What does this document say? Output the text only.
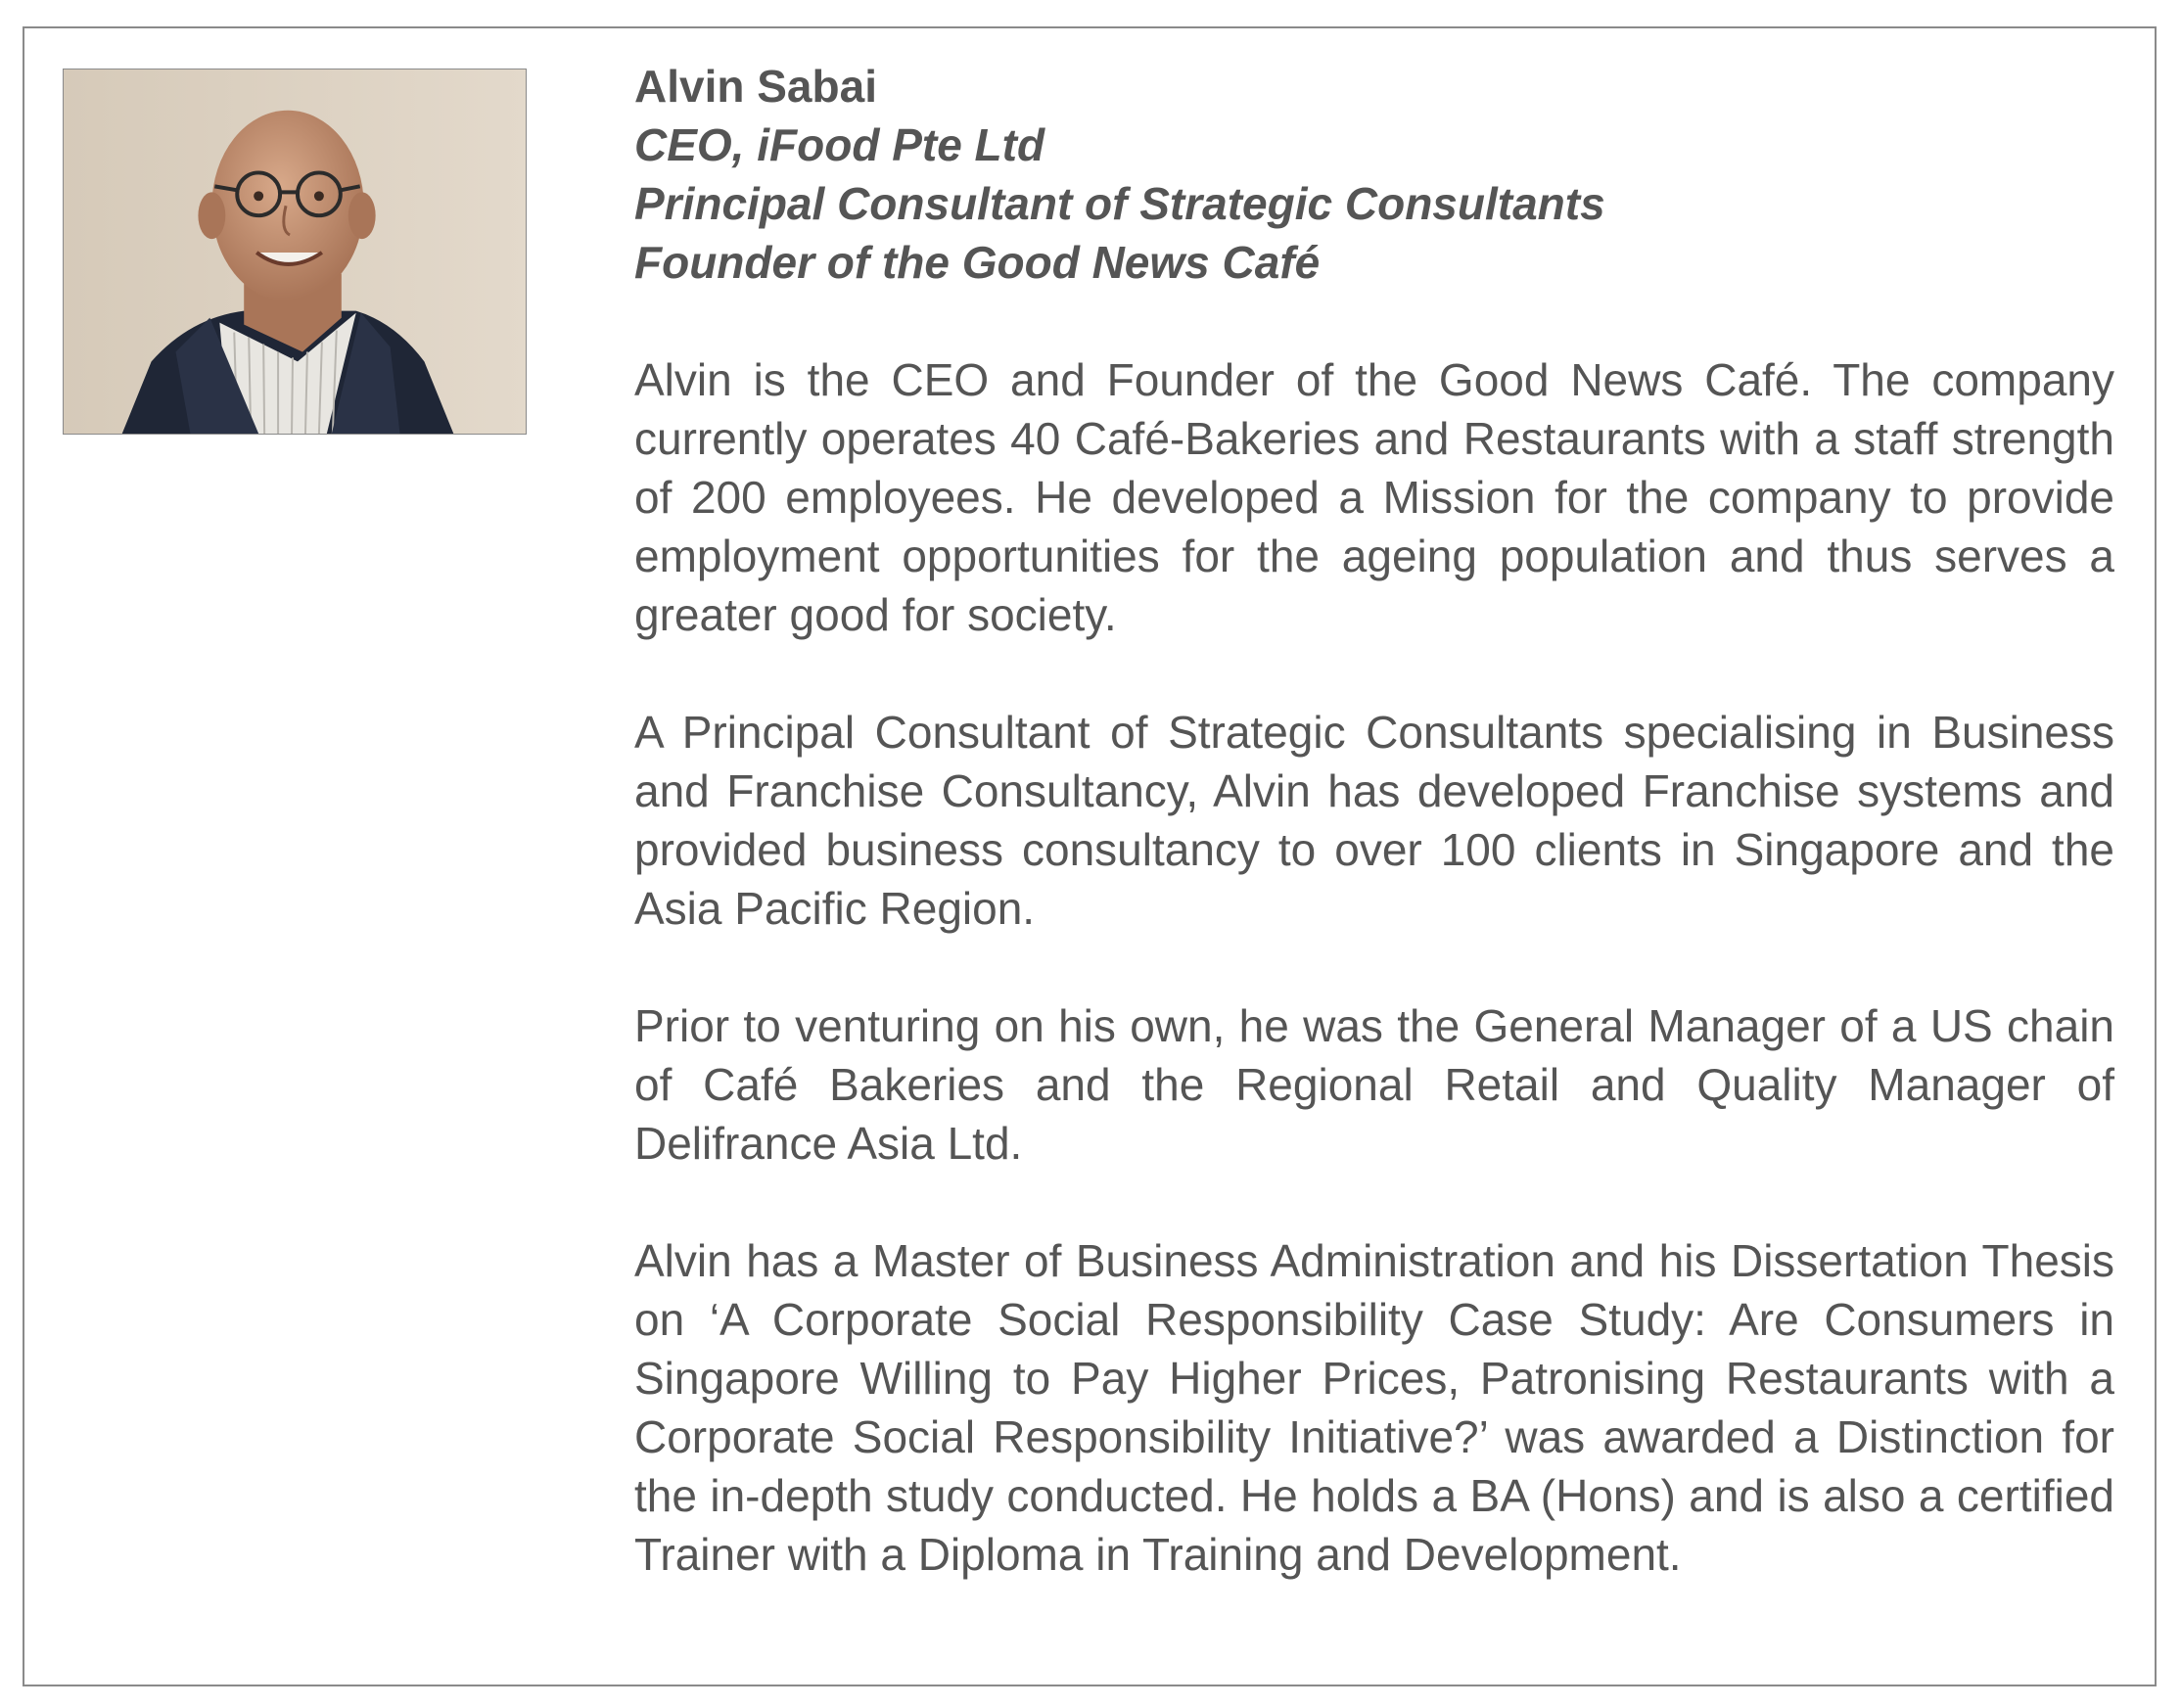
Alvin Sabai

CEO, iFood Pte Ltd

Principal Consultant of Strategic Consultants

Founder of the Good News Café

Alvin is the CEO and Founder of the Good News Café. The company currently operates 40 Café-Bakeries and Restaurants with a staff strength of 200 employees. He developed a Mission for the company to provide employment opportunities for the ageing population and thus serves a greater good for society.

A Principal Consultant of Strategic Consultants specialising in Business and Franchise Consultancy, Alvin has developed Franchise systems and provided business consultancy to over 100 clients in Singapore and the Asia Pacific Region.

Prior to venturing on his own, he was the General Manager of a US chain of Café Bakeries and the Regional Retail and Quality Manager of Delifrance Asia Ltd.

Alvin has a Master of Business Administration and his Dissertation Thesis on ‘A Corporate Social Responsibility Case Study: Are Consumers in Singapore Willing to Pay Higher Prices, Patronising Restaurants with a Corporate Social Responsibility Initiative?’ was awarded a Distinction for the in-depth study conducted. He holds a BA (Hons) and is also a certified Trainer with a Diploma in Training and Development.
